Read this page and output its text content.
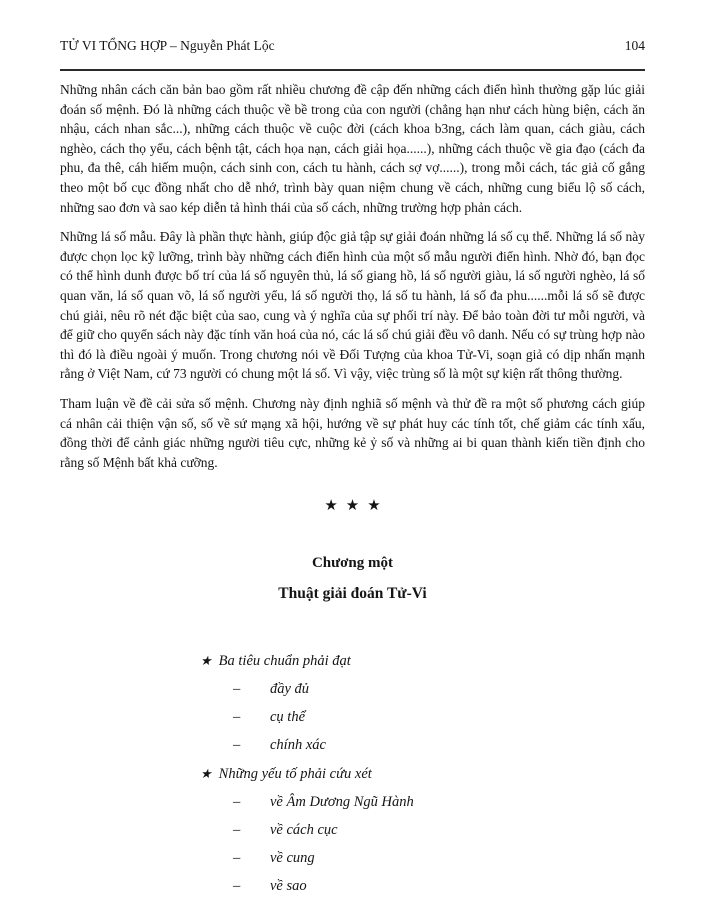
TỬ VI TỔNG HỢP – Nguyễn Phát Lộc	104

Những nhân cách căn bản bao gồm rất nhiều chương đề cập đến những cách điển hình thường gặp lúc giải đoán số mệnh. Đó là những cách thuộc về bề trong của con người (chẳng hạn như cách hùng biện, cách ăn nhậu, cách nhan sắc...), những cách thuộc về cuộc đời (cách khoa b3ng, cách làm quan, cách giàu, cách nghèo, cách thọ yểu, cách bệnh tật, cách họa nạn, cách giải họa......), những cách thuộc về gia đạo (cách đa phu, đa thê, cáh hiếm muộn, cách sinh con, cách tu hành, cách sợ vợ......), trong mỗi cách, tác giả cố gắng theo một bố cục đồng nhất cho dễ nhớ, trình bày quan niệm chung về cách, những cung biểu lộ số cách, những sao đơn và sao kép diễn tả hình thái của số cách, những trường hợp phản cách.

Những lá số mẫu. Đây là phần thực hành, giúp độc giả tập sự giải đoán những lá số cụ thể. Những lá số này được chọn lọc kỹ lưỡng, trình bày những cách điển hình của một số mẫu người điển hình. Nhờ đó, bạn đọc có thể hình dunh được bố trí của lá số nguyên thủ, lá số giang hồ, lá số người giàu, lá số người nghèo, lá số quan văn, lá số quan võ, lá số người yểu, lá số người thọ, lá số tu hành, lá số đa phu......mỗi lá số sẽ được chú giải, nêu rõ nét đặc biệt của sao, cung và ý nghĩa của sự phối trí này. Để bảo toàn đời tư mỗi người, và để giữ cho quyển sách này đặc tính văn hoá của nó, các lá số chú giải đều vô danh. Nếu có sự trùng hợp nào thì đó là điều ngoài ý muốn. Trong chương nói về Đối Tượng của khoa Tử-Vi, soạn giả có dịp nhấn mạnh rằng ở Việt Nam, cứ 73 người có chung một lá số. Vì vậy, việc trùng số là một sự kiện rất thông thường.

Tham luận về đề cải sửa số mệnh. Chương này định nghiã số mệnh và thử đề ra một số phương cách giúp cá nhân cải thiện vận số, số về sứ mạng xã hội, hướng về sự phát huy các tính tốt, chế giảm các tính xấu, đồng thời để cảnh giác những người tiêu cực, những kẻ ỷ số và những ai bi quan thành kiến tiền định cho rằng số Mệnh bất khả cưỡng.

★★★
Chương một
Thuật giải đoán Tử-Vi
★ Ba tiêu chuẩn phải đạt
–	đầy đủ
–	cụ thể
–	chính xác
★ Những yếu tố phải cứu xét
–	về Âm Dương Ngũ Hành
–	về cách cục
–	về cung
–	về sao
